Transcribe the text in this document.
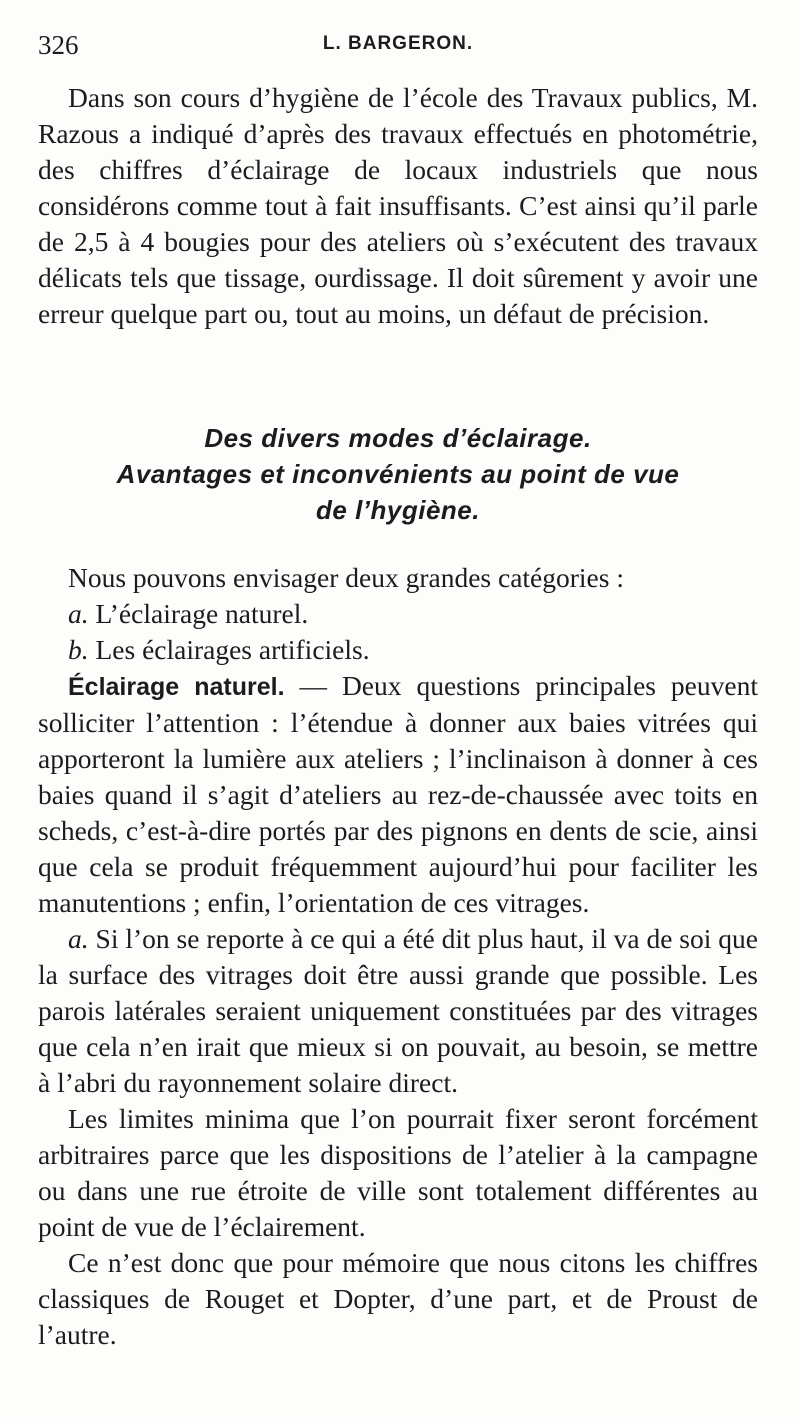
326	L. BARGERON.

Dans son cours d’hygiène de l’école des Travaux publics, M. Razous a indiqué d’après des travaux effectués en photométrie, des chiffres d’éclairage de locaux industriels que nous considérons comme tout à fait insuffisants. C’est ainsi qu’il parle de 2,5 à 4 bougies pour des ateliers où s’exécutent des travaux délicats tels que tissage, ourdissage. Il doit sûrement y avoir une erreur quelque part ou, tout au moins, un défaut de précision.

Des divers modes d’éclairage.
Avantages et inconvénients au point de vue
de l’hygiène.
Nous pouvons envisager deux grandes catégories :
a. L’éclairage naturel.
b. Les éclairages artificiels.

Éclairage naturel. — Deux questions principales peuvent solliciter l’attention : l’étendue à donner aux baies vitrées qui apporteront la lumière aux ateliers ; l’inclinaison à donner à ces baies quand il s’agit d’ateliers au rez-de-chaussée avec toits en scheds, c’est-à-dire portés par des pignons en dents de scie, ainsi que cela se produit fréquemment aujourd’hui pour faciliter les manutentions ; enfin, l’orientation de ces vitrages.

a. Si l’on se reporte à ce qui a été dit plus haut, il va de soi que la surface des vitrages doit être aussi grande que possible. Les parois latérales seraient uniquement constituées par des vitrages que cela n’en irait que mieux si on pouvait, au besoin, se mettre à l’abri du rayonnement solaire direct.

Les limites minima que l’on pourrait fixer seront forcément arbitraires parce que les dispositions de l’atelier à la campagne ou dans une rue étroite de ville sont totalement différentes au point de vue de l’éclairement.

Ce n’est donc que pour mémoire que nous citons les chiffres classiques de Rouget et Dopter, d’une part, et de Proust de l’autre.
